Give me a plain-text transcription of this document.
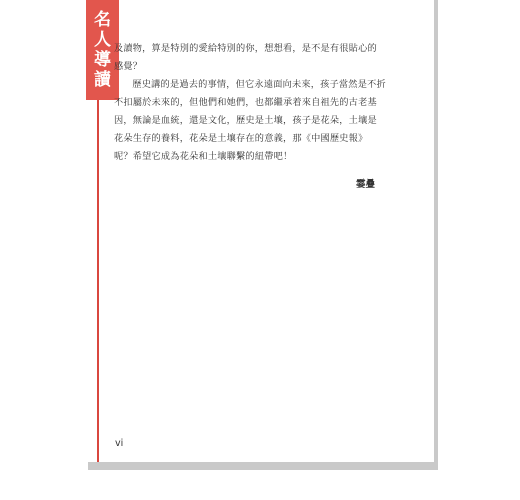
名
人
導
讀

及讀物，算是特別的愛給特別的你，想想看，是不是有很貼心的感覺？

歷史講的是過去的事情，但它永遠面向未來，孩子當然是不折不扣屬於未來的，但他們和她們，也都繼承着來自祖先的古老基因，無論是血統，還是文化，歷史是土壤，孩子是花朵，土壤是花朵生存的養料，花朵是土壤存在的意義，那《中國歷史報》呢？希望它成為花朵和土壤聯繫的紐帶吧！

霎疊
vi
